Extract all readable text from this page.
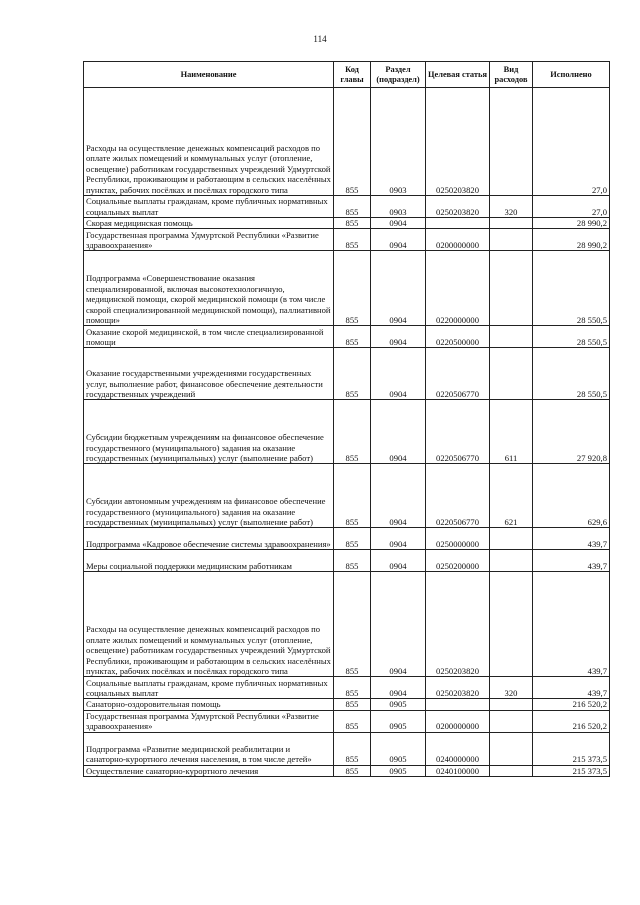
114
Наименование	Код главы	Раздел (подраздел)	Целевая статья	Вид расходов	Исполнено
Расходы на осуществление денежных компенсаций расходов по оплате жилых помещений и коммунальных услуг (отопление, освещение) работникам государственных учреждений Удмуртской Республики, проживающим и работающим в сельских населённых пунктах, рабочих посёлках и посёлках городского типа	855	0903	0250203820		27,0
Социальные выплаты гражданам, кроме публичных нормативных социальных выплат	855	0903	0250203820	320	27,0
Скорая медицинская помощь	855	0904			28 990,2
Государственная программа Удмуртской Республики «Развитие здравоохранения»	855	0904	0200000000		28 990,2
Подпрограмма «Совершенствование оказания специализированной, включая высокотехнологичную, медицинской помощи, скорой медицинской помощи (в том числе скорой специализированной медицинской помощи), паллиативной помощи»	855	0904	0220000000		28 550,5
Оказание скорой медицинской, в том числе специализированной помощи	855	0904	0220500000		28 550,5
Оказание государственными учреждениями государственных услуг, выполнение работ, финансовое обеспечение деятельности государственных учреждений	855	0904	0220506770		28 550,5
Субсидии бюджетным учреждениям на финансовое обеспечение государственного (муниципального) задания на оказание государственных (муниципальных) услуг (выполнение работ)	855	0904	0220506770	611	27 920,8
Субсидии автономным учреждениям на финансовое обеспечение государственного (муниципального) задания на оказание государственных (муниципальных) услуг (выполнение работ)	855	0904	0220506770	621	629,6
Подпрограмма «Кадровое обеспечение системы здравоохранения»	855	0904	0250000000		439,7
Меры социальной поддержки медицинским работникам	855	0904	0250200000		439,7
Расходы на осуществление денежных компенсаций расходов по оплате жилых помещений и коммунальных услуг (отопление, освещение) работникам государственных учреждений Удмуртской Республики, проживающим и работающим в сельских населённых пунктах, рабочих посёлках и посёлках городского типа	855	0904	0250203820		439,7
Социальные выплаты гражданам, кроме публичных нормативных социальных выплат	855	0904	0250203820	320	439,7
Санаторно-оздоровительная помощь	855	0905			216 520,2
Государственная программа Удмуртской Республики «Развитие здравоохранения»	855	0905	0200000000		216 520,2
Подпрограмма «Развитие медицинской реабилитации и санаторно-курортного лечения населения, в том числе детей»	855	0905	0240000000		215 373,5
Осуществление санаторно-курортного лечения	855	0905	0240100000		215 373,5
